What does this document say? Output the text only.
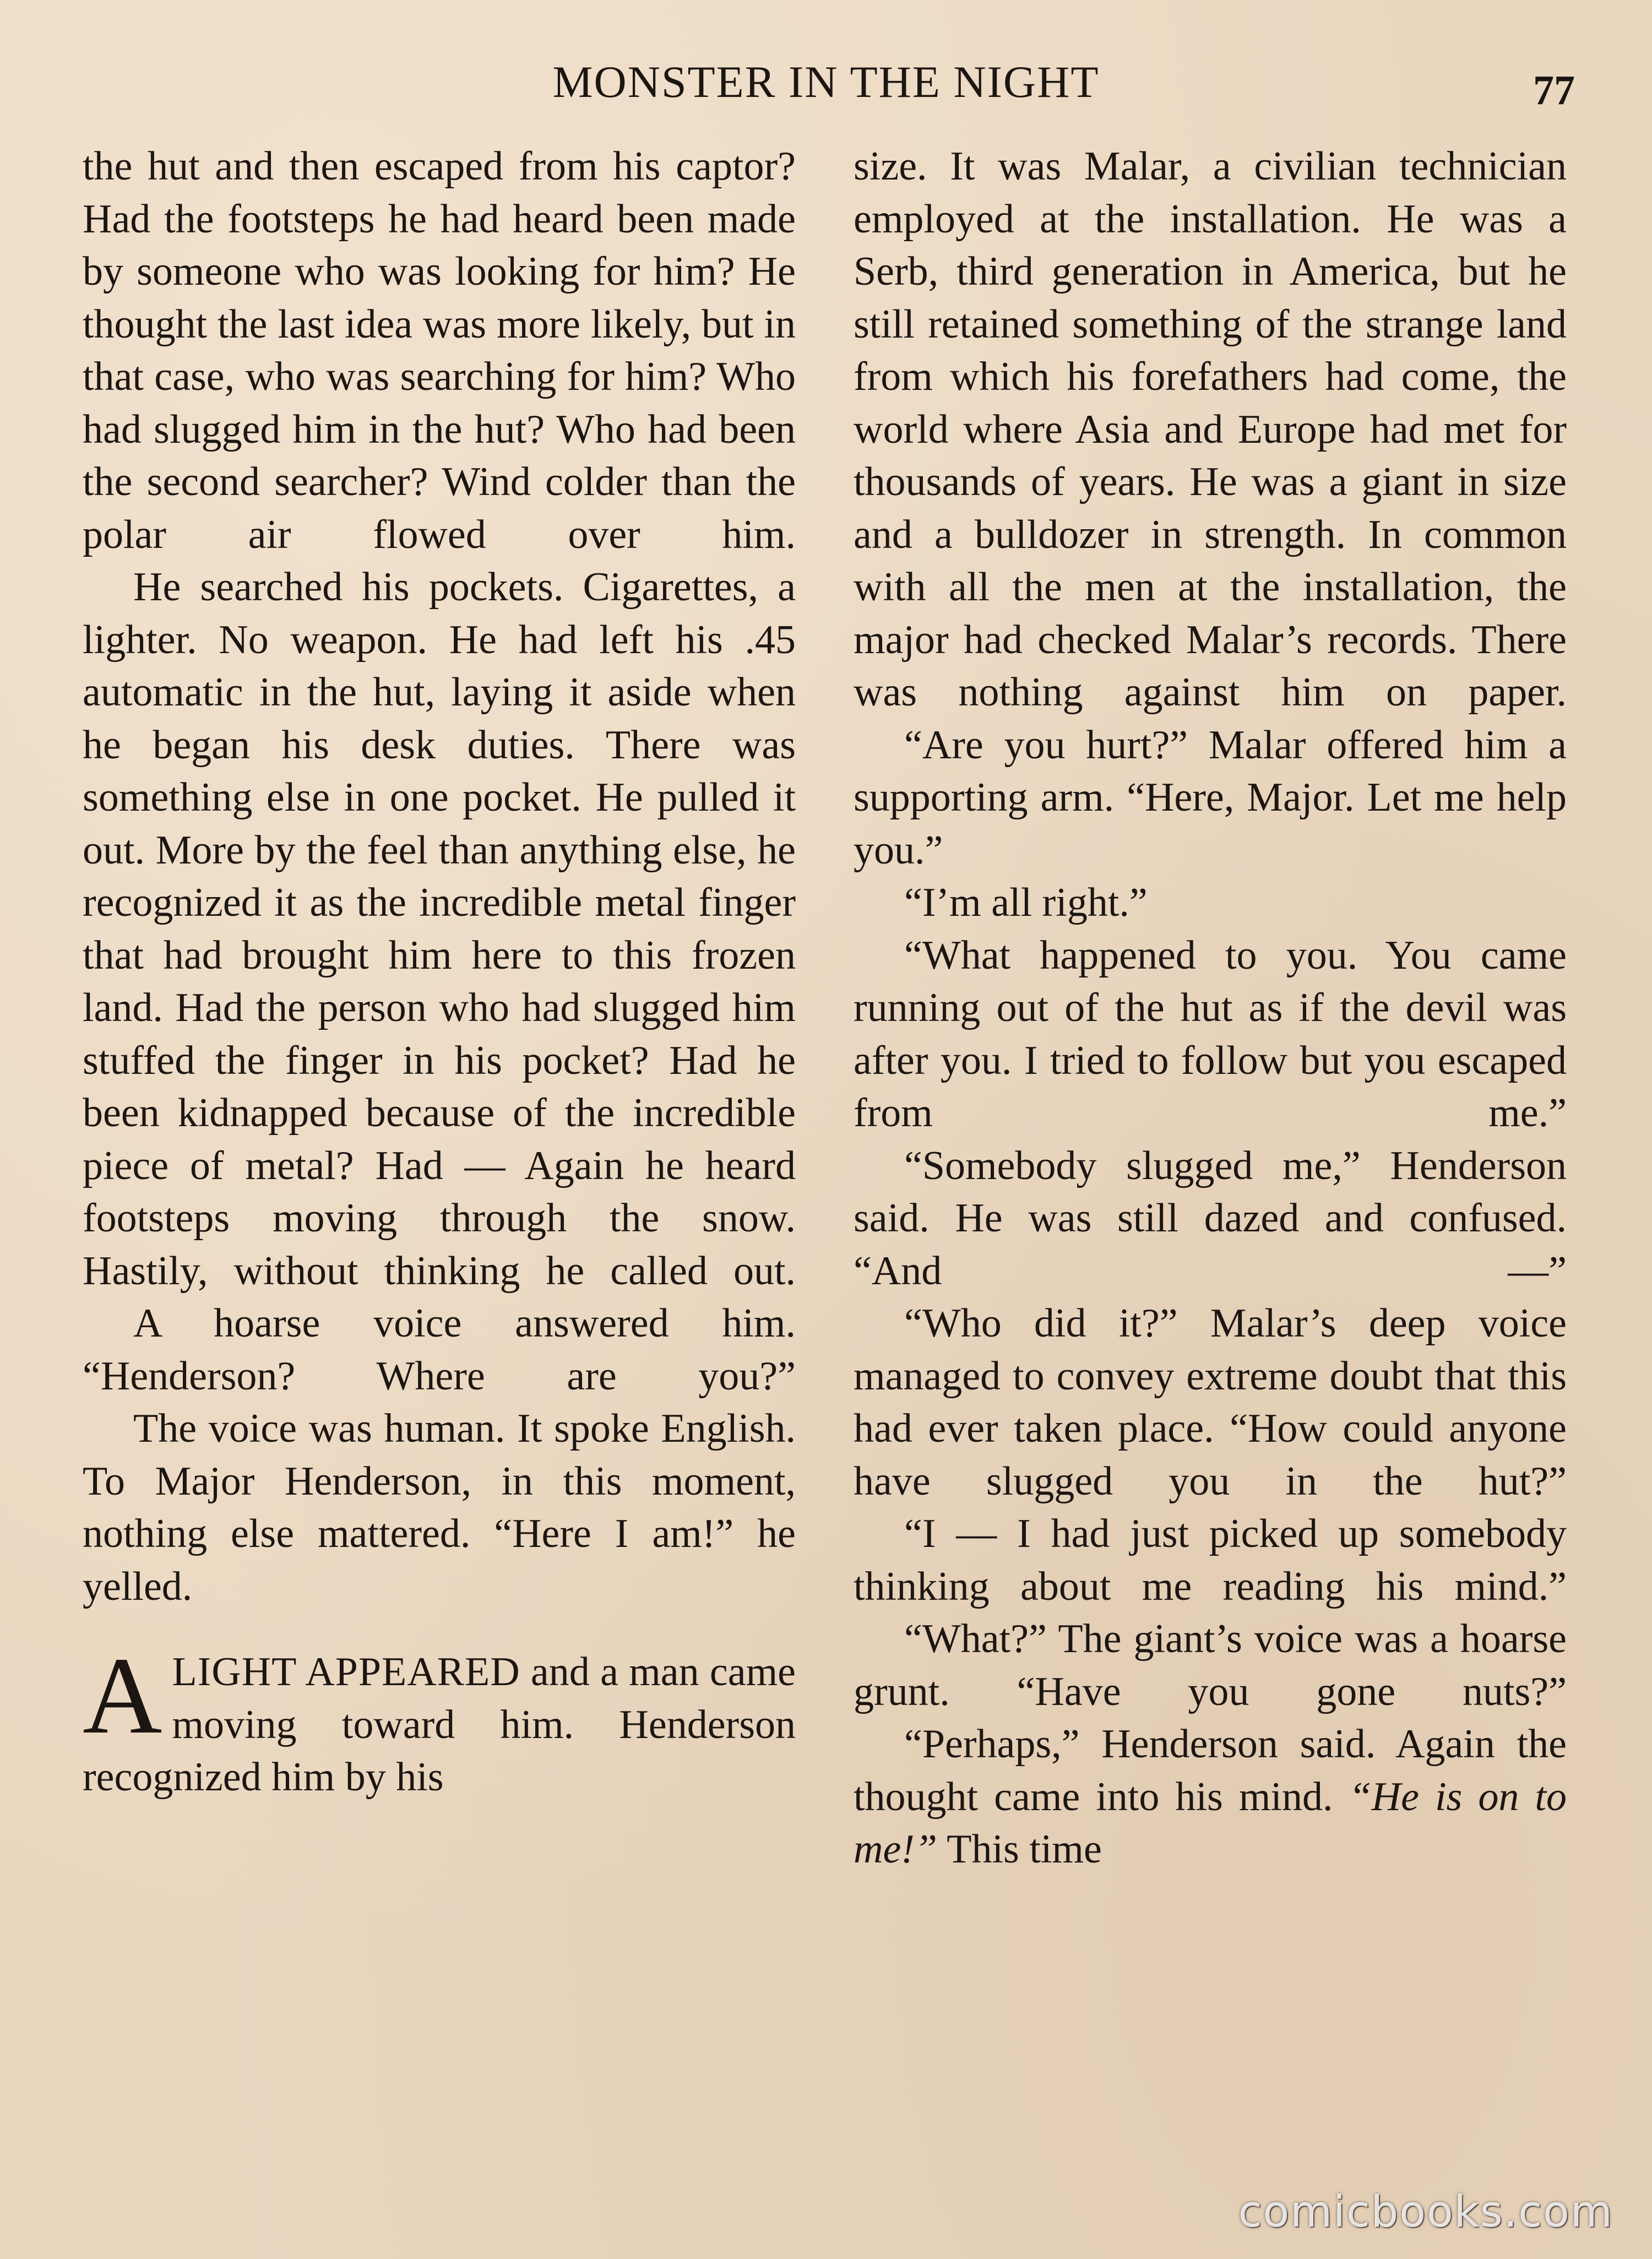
MONSTER IN THE NIGHT	77

the hut and then escaped from his captor? Had the footsteps he had heard been made by someone who was looking for him? He thought the last idea was more likely, but in that case, who was searching for him? Who had slugged him in the hut? Who had been the second searcher? Wind colder than the polar air flowed over him.

He searched his pockets. Cigarettes, a lighter. No weapon. He had left his .45 automatic in the hut, laying it aside when he began his desk duties. There was something else in one pocket. He pulled it out. More by the feel than anything else, he recognized it as the incredible metal finger that had brought him here to this frozen land. Had the person who had slugged him stuffed the finger in his pocket? Had he been kidnapped because of the incredible piece of metal? Had — Again he heard footsteps moving through the snow. Hastily, without thinking he called out.

A hoarse voice answered him. “Henderson? Where are you?”

The voice was human. It spoke English. To Major Henderson, in this moment, nothing else mattered. “Here I am!” he yelled.

ALIGHT APPEARED and a man came moving toward him. Henderson recognized him by his

size. It was Malar, a civilian technician employed at the installation. He was a Serb, third generation in America, but he still retained something of the strange land from which his forefathers had come, the world where Asia and Europe had met for thousands of years. He was a giant in size and a bulldozer in strength. In common with all the men at the installation, the major had checked Malar’s records. There was nothing against him on paper.

“Are you hurt?” Malar offered him a supporting arm. “Here, Major. Let me help you.”

“I’m all right.”

“What happened to you. You came running out of the hut as if the devil was after you. I tried to follow but you escaped from me.”

“Somebody slugged me,” Henderson said. He was still dazed and confused. “And —”

“Who did it?” Malar’s deep voice managed to convey extreme doubt that this had ever taken place. “How could anyone have slugged you in the hut?”

“I — I had just picked up somebody thinking about me reading his mind.”

“What?” The giant’s voice was a hoarse grunt. “Have you gone nuts?”

“Perhaps,” Henderson said. Again the thought came into his mind. “He is on to me!” This time

comicbooks.com
